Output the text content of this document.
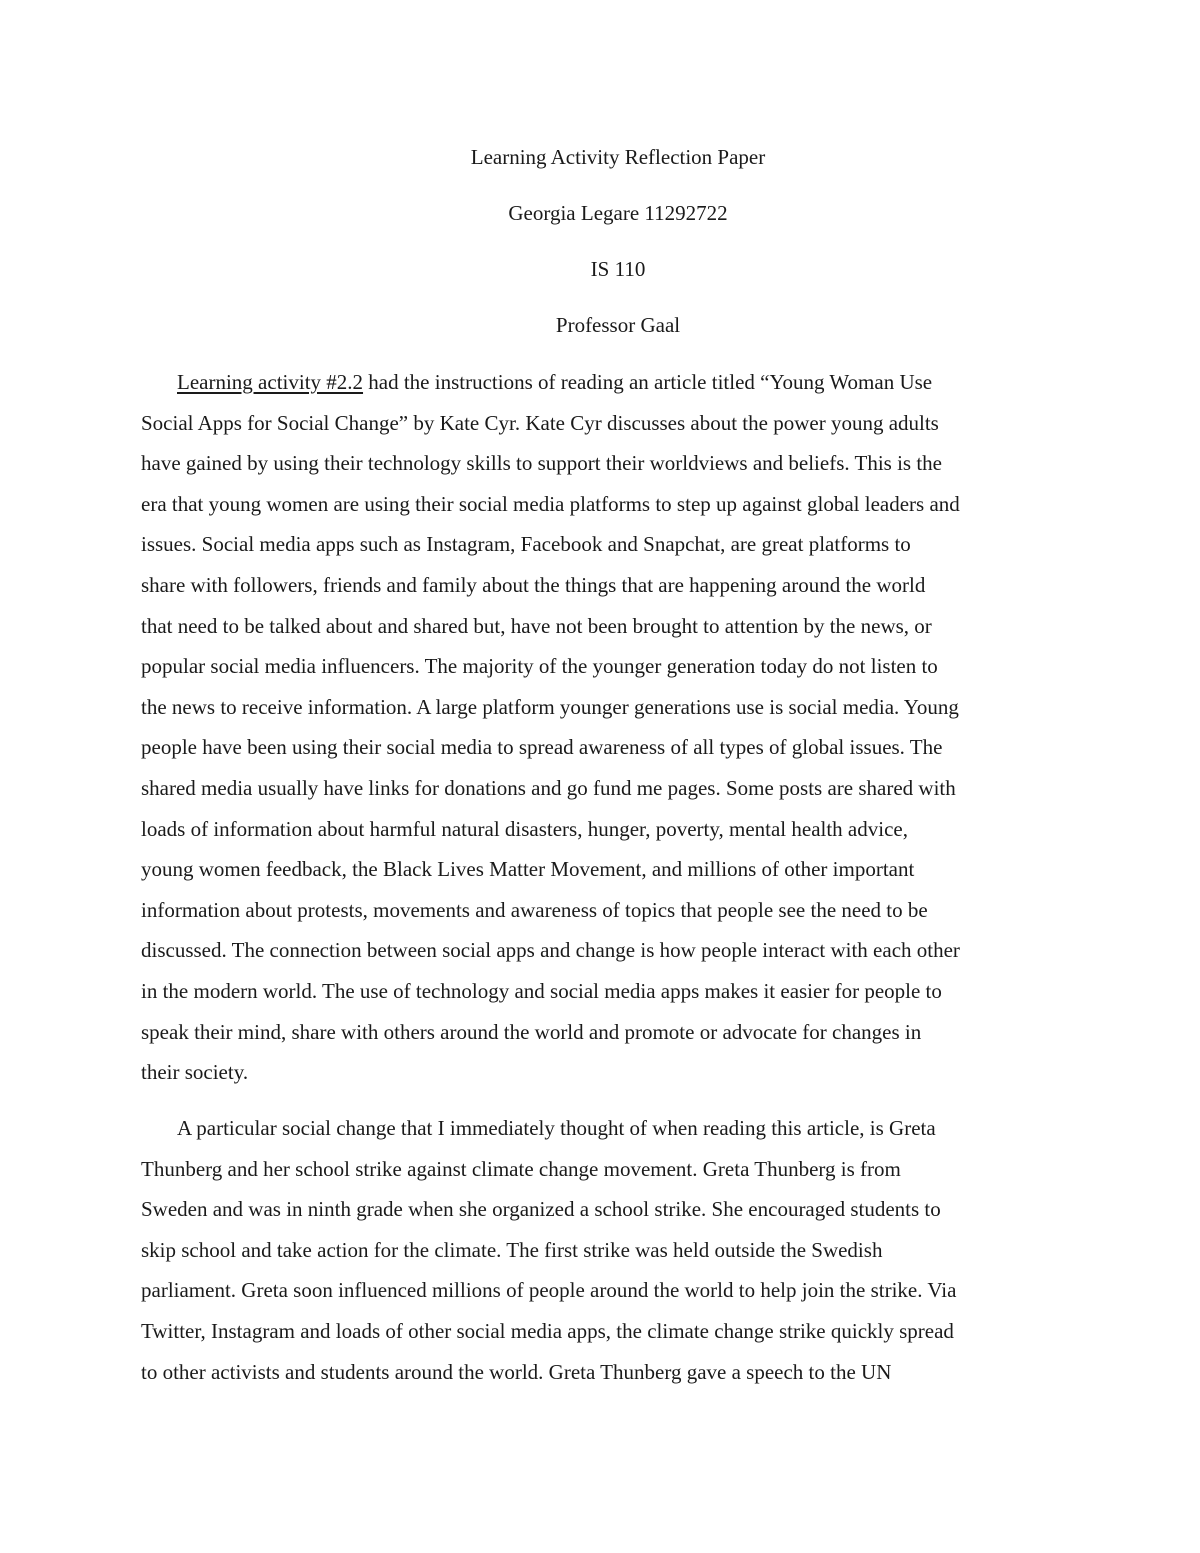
Learning Activity Reflection Paper
Georgia Legare 11292722
IS 110
Professor Gaal
Learning activity #2.2 had the instructions of reading an article titled “Young Woman Use
Social Apps for Social Change” by Kate Cyr. Kate Cyr discusses about the power young adults
have gained by using their technology skills to support their worldviews and beliefs. This is the
era that young women are using their social media platforms to step up against global leaders and
issues. Social media apps such as Instagram, Facebook and Snapchat, are great platforms to
share with followers, friends and family about the things that are happening around the world
that need to be talked about and shared but, have not been brought to attention by the news, or
popular social media influencers. The majority of the younger generation today do not listen to
the news to receive information. A large platform younger generations use is social media. Young
people have been using their social media to spread awareness of all types of global issues. The
shared media usually have links for donations and go fund me pages. Some posts are shared with
loads of information about harmful natural disasters, hunger, poverty, mental health advice,
young women feedback, the Black Lives Matter Movement, and millions of other important
information about protests, movements and awareness of topics that people see the need to be
discussed. The connection between social apps and change is how people interact with each other
in the modern world. The use of technology and social media apps makes it easier for people to
speak their mind, share with others around the world and promote or advocate for changes in
their society.
A particular social change that I immediately thought of when reading this article, is Greta
Thunberg and her school strike against climate change movement. Greta Thunberg is from
Sweden and was in ninth grade when she organized a school strike. She encouraged students to
skip school and take action for the climate. The first strike was held outside the Swedish
parliament. Greta soon influenced millions of people around the world to help join the strike. Via
Twitter, Instagram and loads of other social media apps, the climate change strike quickly spread
to other activists and students around the world. Greta Thunberg gave a speech to the UN
